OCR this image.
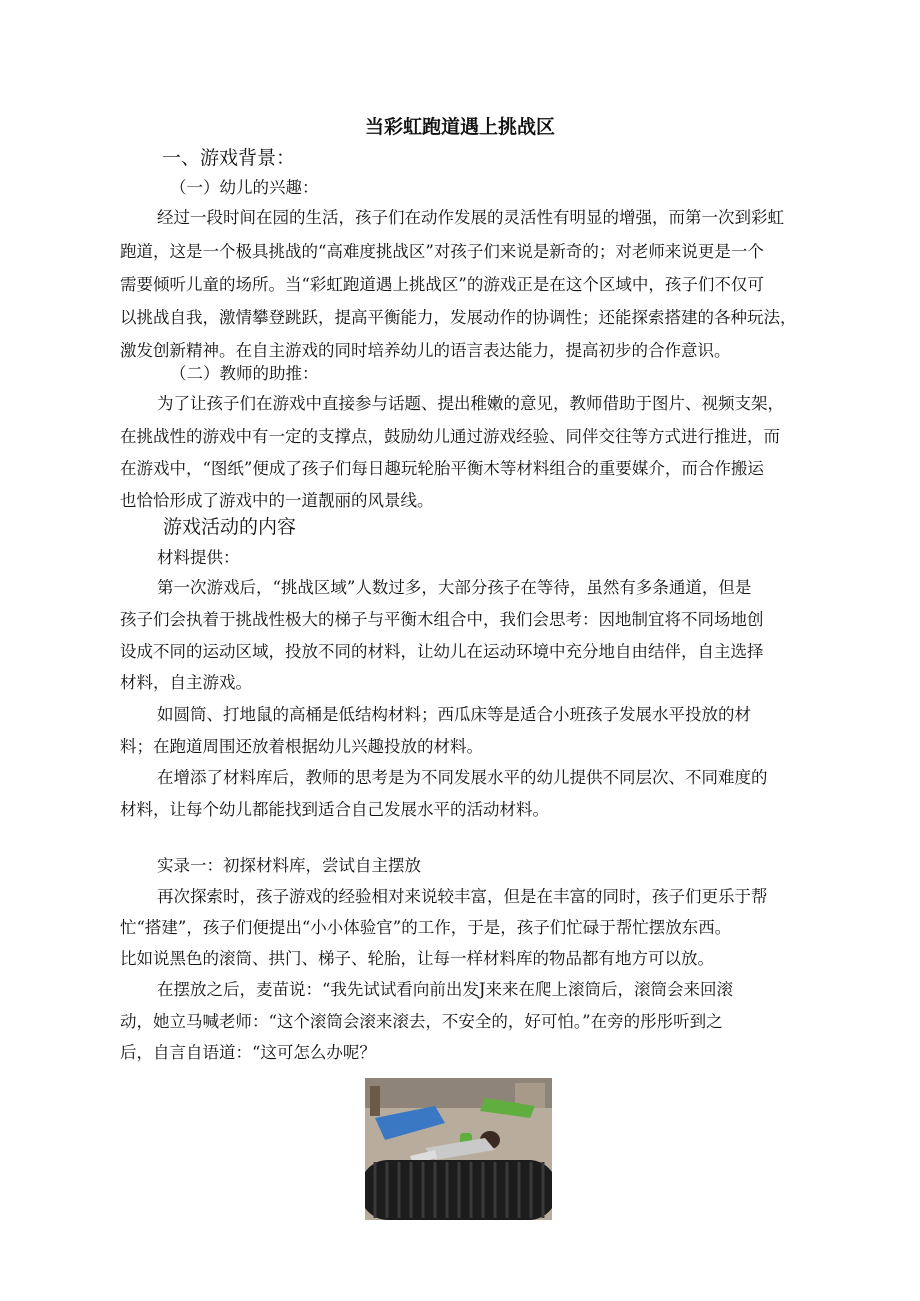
当彩虹跑道遇上挑战区
一、游戏背景：
（一）幼儿的兴趣：
经过一段时间在园的生活，孩子们在动作发展的灵活性有明显的增强，而第一次到彩虹
跑道，这是一个极具挑战的“高难度挑战区”对孩子们来说是新奇的；对老师来说更是一个
需要倾听儿童的场所。当“彩虹跑道遇上挑战区”的游戏正是在这个区域中，孩子们不仅可
以挑战自我，激情攀登跳跃，提高平衡能力，发展动作的协调性；还能探索搭建的各种玩法，
激发创新精神。在自主游戏的同时培养幼儿的语言表达能力，提高初步的合作意识。
（二）教师的助推：
为了让孩子们在游戏中直接参与话题、提出稚嫩的意见，教师借助于图片、视频支架，
在挑战性的游戏中有一定的支撑点，鼓励幼儿通过游戏经验、同伴交往等方式进行推进，而
在游戏中，“图纸”便成了孩子们每日趣玩轮胎平衡木等材料组合的重要媒介，而合作搬运
也恰恰形成了游戏中的一道靓丽的风景线。
游戏活动的内容
材料提供：
第一次游戏后，“挑战区域”人数过多，大部分孩子在等待，虽然有多条通道，但是
孩子们会执着于挑战性极大的梯子与平衡木组合中，我们会思考：因地制宜将不同场地创
设成不同的运动区域，投放不同的材料，让幼儿在运动环境中充分地自由结伴，自主选择
材料，自主游戏。
如圆筒、打地鼠的高桶是低结构材料；西瓜床等是适合小班孩子发展水平投放的材
料；在跑道周围还放着根据幼儿兴趣投放的材料。
在增添了材料库后，教师的思考是为不同发展水平的幼儿提供不同层次、不同难度的
材料，让每个幼儿都能找到适合自己发展水平的活动材料。
实录一：初探材料库，尝试自主摆放
再次探索时，孩子游戏的经验相对来说较丰富，但是在丰富的同时，孩子们更乐于帮
忙“搭建”，孩子们便提出“小小体验官”的工作，于是，孩子们忙碌于帮忙摆放东西。
比如说黑色的滚筒、拱门、梯子、轮胎，让每一样材料库的物品都有地方可以放。
在摆放之后，麦苗说：“我先试试看向前出发J来来在爬上滚筒后，滚筒会来回滚
动，她立马喊老师：“这个滚筒会滚来滚去，不安全的，好可怕。”在旁的彤彤听到之
后，自言自语道：“这可怎么办呢？
